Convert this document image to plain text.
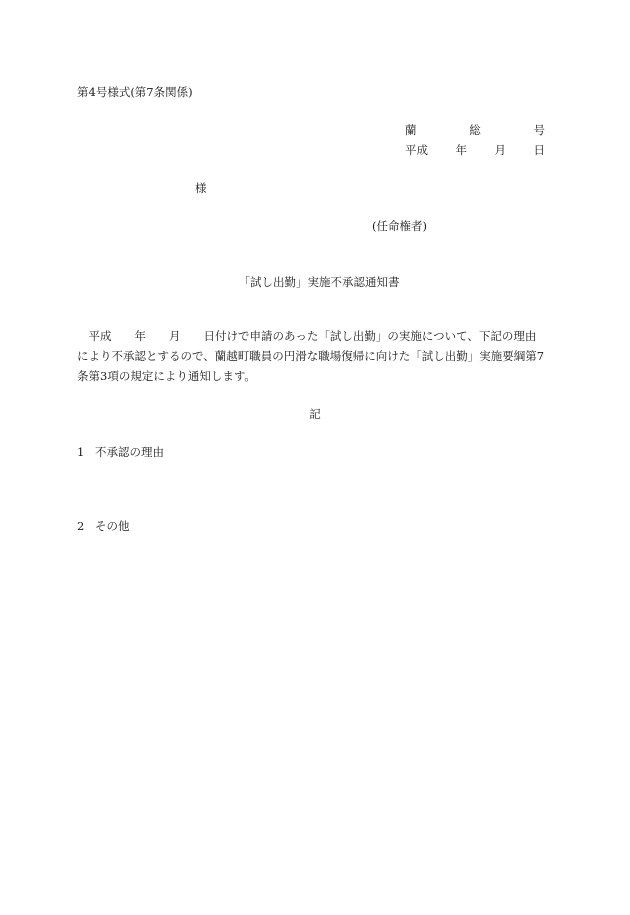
第4号様式(第7条関係)
蘭	総	号
平成 年 月 日
様
(任命権者)
「試し出勤」実施不承認通知書
　平成　　年　　月　　日付けで申請のあった「試し出勤」の実施について、下記の理由
により不承認とするので、蘭越町職員の円滑な職場復帰に向けた「試し出勤」実施要綱第7
条第3項の規定により通知します。
記
1 不承認の理由
2 その他
